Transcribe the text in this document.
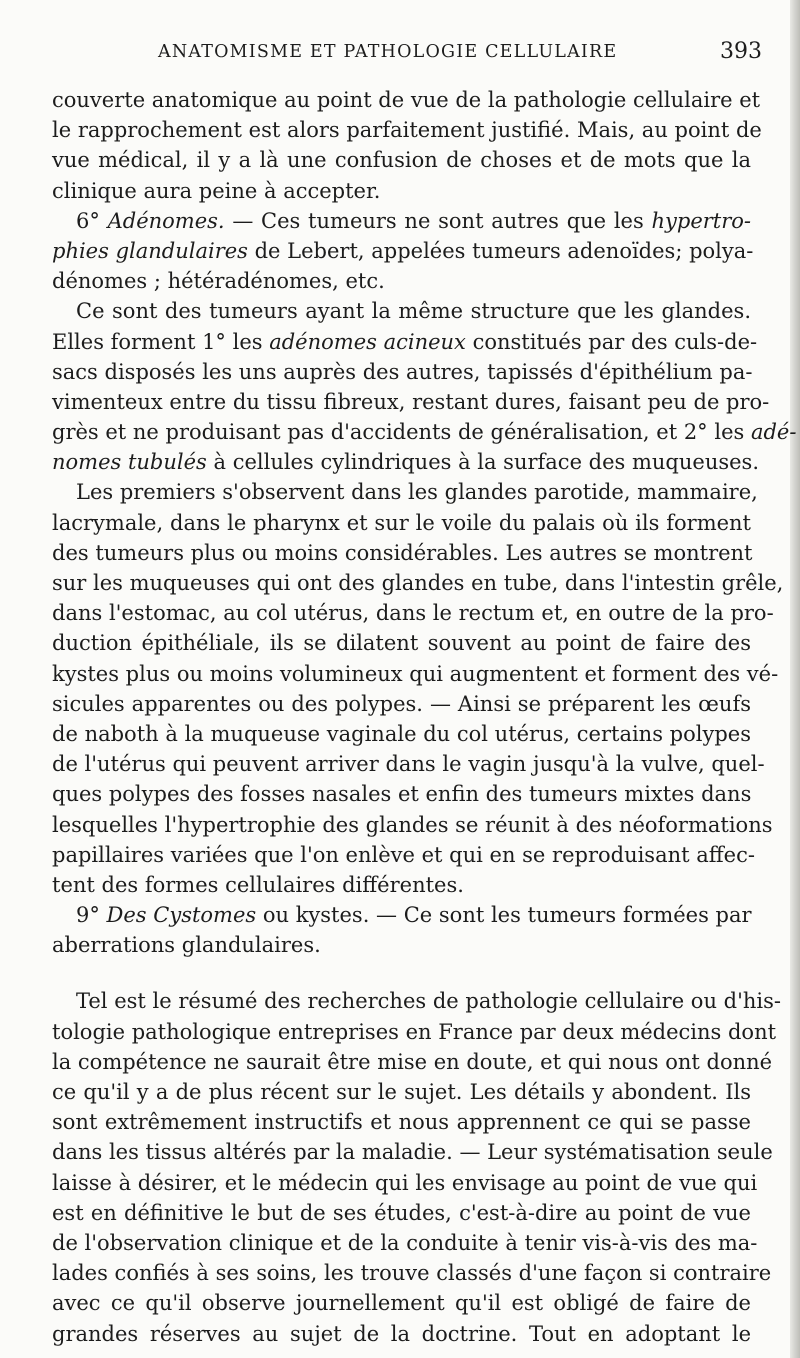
ANATOMISME ET PATHOLOGIE CELLULAIRE	393
couverte anatomique au point de vue de la pathologie cellulaire et
le rapprochement est alors parfaitement justifié. Mais, au point de
vue médical, il y a là une confusion de choses et de mots que la
clinique aura peine à accepter.
6° Adénomes. — Ces tumeurs ne sont autres que les hypertro-
phies glandulaires de Lebert, appelées tumeurs adenoïdes; polya-
dénomes ; hétéradénomes, etc.
Ce sont des tumeurs ayant la même structure que les glandes.
Elles forment 1° les adénomes acineux constitués par des culs-de-
sacs disposés les uns auprès des autres, tapissés d'épithélium pa-
vimenteux entre du tissu fibreux, restant dures, faisant peu de pro-
grès et ne produisant pas d'accidents de généralisation, et 2° les adé-
nomes tubulés à cellules cylindriques à la surface des muqueuses.
Les premiers s'observent dans les glandes parotide, mammaire,
lacrymale, dans le pharynx et sur le voile du palais où ils forment
des tumeurs plus ou moins considérables. Les autres se montrent
sur les muqueuses qui ont des glandes en tube, dans l'intestin grêle,
dans l'estomac, au col utérus, dans le rectum et, en outre de la pro-
duction épithéliale, ils se dilatent souvent au point de faire des
kystes plus ou moins volumineux qui augmentent et forment des vé-
sicules apparentes ou des polypes. — Ainsi se préparent les œufs
de naboth à la muqueuse vaginale du col utérus, certains polypes
de l'utérus qui peuvent arriver dans le vagin jusqu'à la vulve, quel-
ques polypes des fosses nasales et enfin des tumeurs mixtes dans
lesquelles l'hypertrophie des glandes se réunit à des néoformations
papillaires variées que l'on enlève et qui en se reproduisant affec-
tent des formes cellulaires différentes.
9° Des Cystomes ou kystes. — Ce sont les tumeurs formées par
aberrations glandulaires.
Tel est le résumé des recherches de pathologie cellulaire ou d'his-
tologie pathologique entreprises en France par deux médecins dont
la compétence ne saurait être mise en doute, et qui nous ont donné
ce qu'il y a de plus récent sur le sujet. Les détails y abondent. Ils
sont extrêmement instructifs et nous apprennent ce qui se passe
dans les tissus altérés par la maladie. — Leur systématisation seule
laisse à désirer, et le médecin qui les envisage au point de vue qui
est en définitive le but de ses études, c'est-à-dire au point de vue
de l'observation clinique et de la conduite à tenir vis-à-vis des ma-
lades confiés à ses soins, les trouve classés d'une façon si contraire
avec ce qu'il observe journellement qu'il est obligé de faire de
grandes réserves au sujet de la doctrine. Tout en adoptant le
